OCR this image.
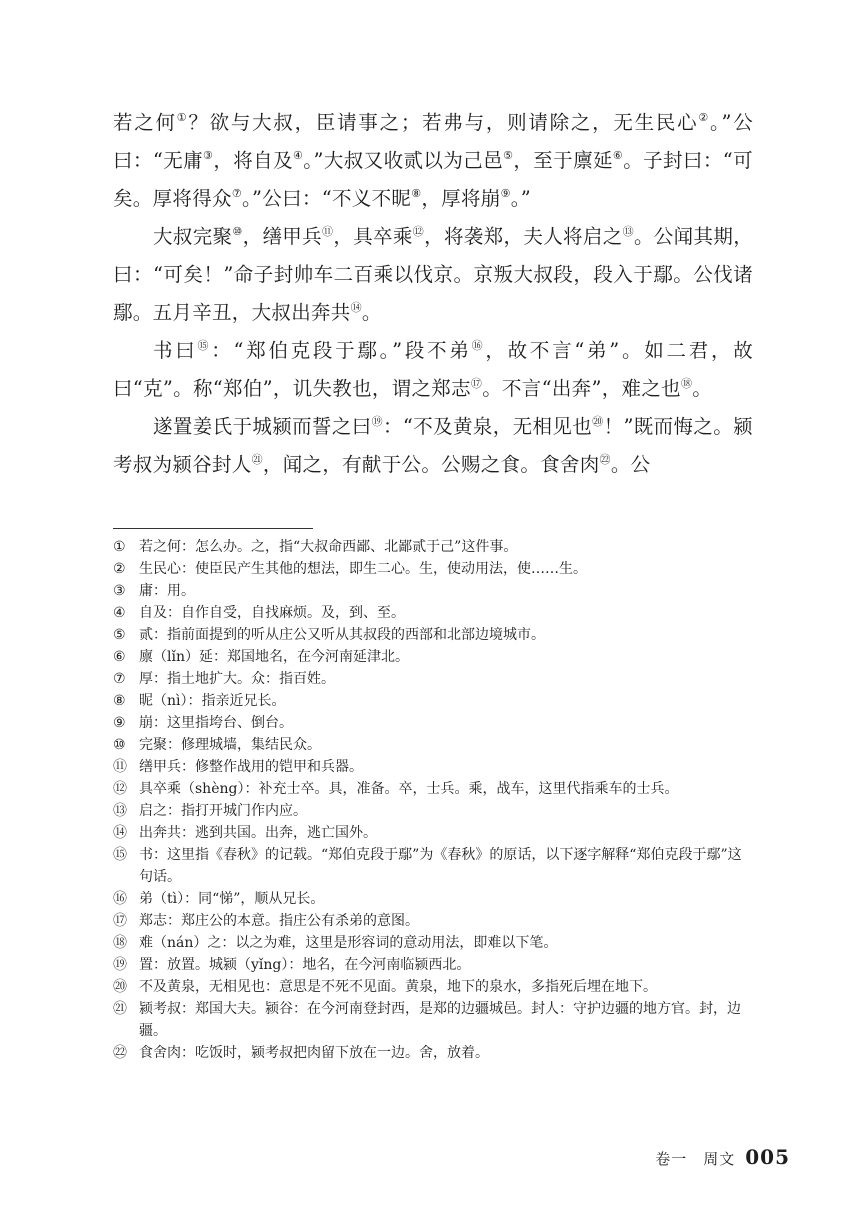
若之何①？欲与大叔，臣请事之；若弗与，则请除之，无生民心②。”公曰：“无庸③，将自及④。”大叔又收贰以为己邑⑤，至于廪延⑥。子封曰：“可矣。厚将得众⑦。”公曰：“不义不昵⑧，厚将崩⑨。”

大叔完聚⑩，缮甲兵⑪，具卒乘⑫，将袭郑，夫人将启之⑬。公闻其期，曰：“可矣！”命子封帅车二百乘以伐京。京叛大叔段，段入于鄢。公伐诸鄢。五月辛丑，大叔出奔共⑭。

书曰⑮：“郑伯克段于鄢。”段不弟⑯，故不言“弟”。如二君，故曰“克”。称“郑伯”，讥失教也，谓之郑志⑰。不言“出奔”，难之也⑱。

遂置姜氏于城颍而誓之曰⑲：“不及黄泉，无相见也⑳！”既而悔之。颍考叔为颍谷封人$^㉑$，闻之，有献于公。公赐之食。食舍肉$^㉒$。公

① 若之何：怎么办。之，指“大叔命西鄙、北鄙贰于己”这件事。
② 生民心：使臣民产生其他的想法，即生二心。生，使动用法，使……生。
③ 庸：用。
④ 自及：自作自受，自找麻烦。及，到、至。
⑤ 贰：指前面提到的听从庄公又听从其叔段的西部和北部边境城市。
⑥ 廪（lǐn）延：郑国地名，在今河南延津北。
⑦ 厚：指土地扩大。众：指百姓。
⑧ 昵（nì）：指亲近兄长。
⑨ 崩：这里指垮台、倒台。
⑩ 完聚：修理城墙，集结民众。
⑪ 缮甲兵：修整作战用的铠甲和兵器。
⑫ 具卒乘（shèng）：补充士卒。具，准备。卒，士兵。乘，战车，这里代指乘车的士兵。
⑬ 启之：指打开城门作内应。
⑭ 出奔共：逃到共国。出奔，逃亡国外。
⑮ 书：这里指《春秋》的记载。“郑伯克段于鄢”为《春秋》的原话，以下逐字解释“郑伯克段于鄢”这句话。
⑯ 弟（tì）：同“悌”，顺从兄长。
⑰ 郑志：郑庄公的本意。指庄公有杀弟的意图。
⑱ 难（nán）之：以之为难，这里是形容词的意动用法，即难以下笔。
⑲ 置：放置。城颍（yǐng）：地名，在今河南临颍西北。
⑳ 不及黄泉，无相见也：意思是不死不见面。黄泉，地下的泉水，多指死后埋在地下。
㉑ 颍考叔：郑国大夫。颍谷：在今河南登封西，是郑的边疆城邑。封人：守护边疆的地方官。封，边疆。
㉒ 食舍肉：吃饭时，颍考叔把肉留下放在一边。舍，放着。
卷一　周文 005
